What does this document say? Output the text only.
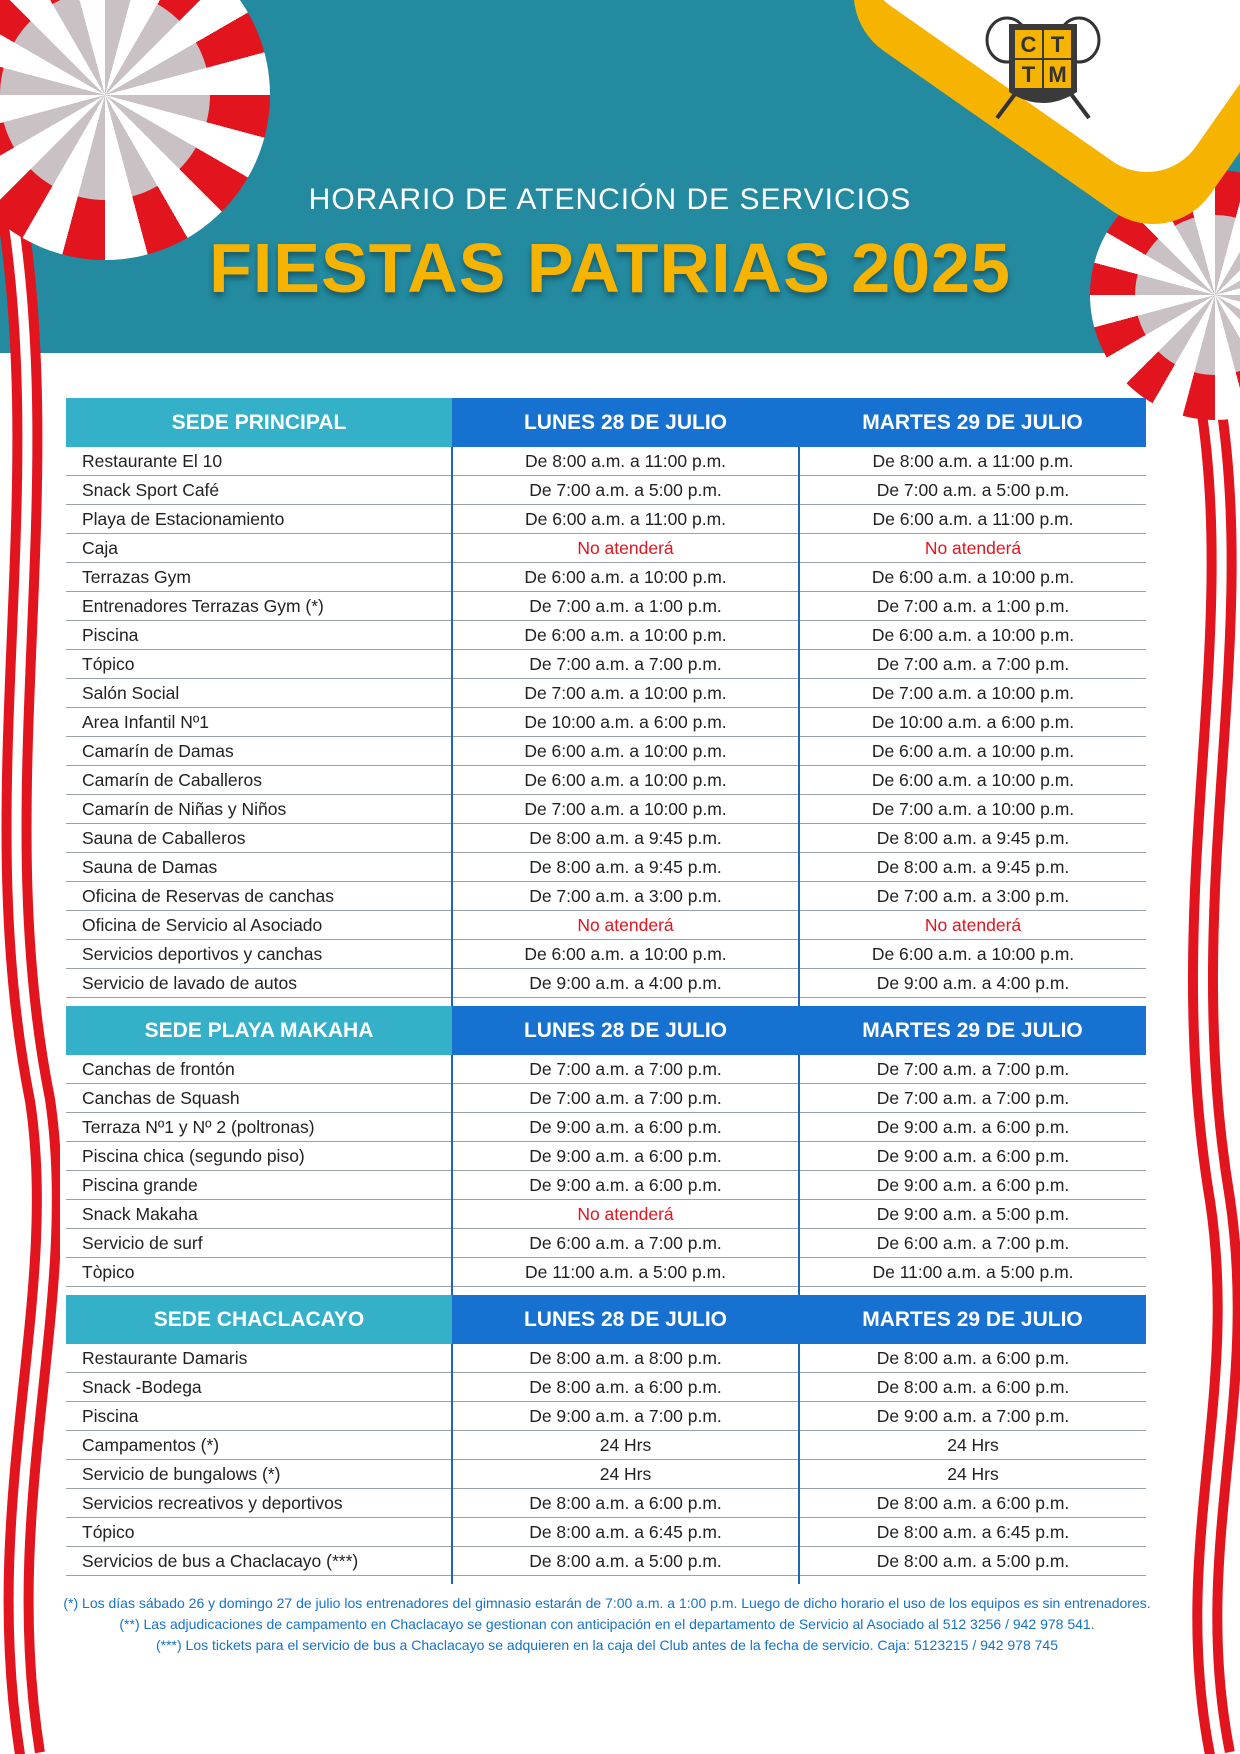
C T
T M
HORARIO DE ATENCIÓN DE SERVICIOS
FIESTAS PATRIAS 2025
SEDE PRINCIPAL	LUNES 28 DE JULIO	MARTES 29 DE JULIO
Restaurante El 10	De 8:00 a.m. a 11:00 p.m.	De 8:00 a.m. a 11:00 p.m.
Snack Sport Café	De 7:00 a.m. a 5:00 p.m.	De 7:00 a.m. a 5:00 p.m.
Playa de Estacionamiento	De 6:00 a.m. a 11:00 p.m.	De 6:00 a.m. a 11:00 p.m.
Caja	No atenderá	No atenderá
Terrazas Gym	De 6:00 a.m. a 10:00 p.m.	De 6:00 a.m. a 10:00 p.m.
Entrenadores Terrazas Gym (*)	De 7:00 a.m. a 1:00 p.m.	De 7:00 a.m. a 1:00 p.m.
Piscina	De 6:00 a.m. a 10:00 p.m.	De 6:00 a.m. a 10:00 p.m.
Tópico	De 7:00 a.m. a 7:00 p.m.	De 7:00 a.m. a 7:00 p.m.
Salón Social	De 7:00 a.m. a 10:00 p.m.	De 7:00 a.m. a 10:00 p.m.
Area Infantil Nº1	De 10:00 a.m. a 6:00 p.m.	De 10:00 a.m. a 6:00 p.m.
Camarín de Damas	De 6:00 a.m. a 10:00 p.m.	De 6:00 a.m. a 10:00 p.m.
Camarín de Caballeros	De 6:00 a.m. a 10:00 p.m.	De 6:00 a.m. a 10:00 p.m.
Camarín de Niñas y Niños	De 7:00 a.m. a 10:00 p.m.	De 7:00 a.m. a 10:00 p.m.
Sauna de Caballeros	De 8:00 a.m. a 9:45 p.m.	De 8:00 a.m. a 9:45 p.m.
Sauna de Damas	De 8:00 a.m. a 9:45 p.m.	De 8:00 a.m. a 9:45 p.m.
Oficina de Reservas de canchas	De 7:00 a.m. a 3:00 p.m.	De 7:00 a.m. a 3:00 p.m.
Oficina de Servicio al Asociado	No atenderá	No atenderá
Servicios deportivos y canchas	De 6:00 a.m. a 10:00 p.m.	De 6:00 a.m. a 10:00 p.m.
Servicio de lavado de autos	De 9:00 a.m. a 4:00 p.m.	De 9:00 a.m. a 4:00 p.m.

SEDE PLAYA MAKAHA	LUNES 28 DE JULIO	MARTES 29 DE JULIO
Canchas de frontón	De 7:00 a.m. a 7:00 p.m.	De 7:00 a.m. a 7:00 p.m.
Canchas de Squash	De 7:00 a.m. a 7:00 p.m.	De 7:00 a.m. a 7:00 p.m.
Terraza Nº1 y Nº 2 (poltronas)	De 9:00 a.m. a 6:00 p.m.	De 9:00 a.m. a 6:00 p.m.
Piscina chica (segundo piso)	De 9:00 a.m. a 6:00 p.m.	De 9:00 a.m. a 6:00 p.m.
Piscina grande	De 9:00 a.m. a 6:00 p.m.	De 9:00 a.m. a 6:00 p.m.
Snack Makaha	No atenderá	De 9:00 a.m. a 5:00 p.m.
Servicio de surf	De 6:00 a.m. a 7:00 p.m.	De 6:00 a.m. a 7:00 p.m.
Tòpico	De 11:00 a.m. a 5:00 p.m.	De 11:00 a.m. a 5:00 p.m.

SEDE CHACLACAYO	LUNES 28 DE JULIO	MARTES 29 DE JULIO
Restaurante Damaris	De 8:00 a.m. a 8:00 p.m.	De 8:00 a.m. a 6:00 p.m.
Snack -Bodega	De 8:00 a.m. a 6:00 p.m.	De 8:00 a.m. a 6:00 p.m.
Piscina	De 9:00 a.m. a 7:00 p.m.	De 9:00 a.m. a 7:00 p.m.
Campamentos (*)	24 Hrs	24 Hrs
Servicio de bungalows (*)	24 Hrs	24 Hrs
Servicios recreativos y deportivos	De 8:00 a.m. a 6:00 p.m.	De 8:00 a.m. a 6:00 p.m.
Tópico	De 8:00 a.m. a 6:45 p.m.	De 8:00 a.m. a 6:45 p.m.
Servicios de bus a Chaclacayo (***)	De 8:00 a.m. a 5:00 p.m.	De 8:00 a.m. a 5:00 p.m.

(*) Los días sábado 26 y domingo 27 de julio los entrenadores del gimnasio estarán de 7:00 a.m. a 1:00 p.m. Luego de dicho horario el uso de los equipos es sin entrenadores.

(**) Las adjudicaciones de campamento en Chaclacayo se gestionan con anticipación en el departamento de Servicio al Asociado al 512 3256 / 942 978 541.

(***) Los tickets para el servicio de bus a Chaclacayo se adquieren en la caja del Club antes de la fecha de servicio. Caja: 5123215 / 942 978 745
